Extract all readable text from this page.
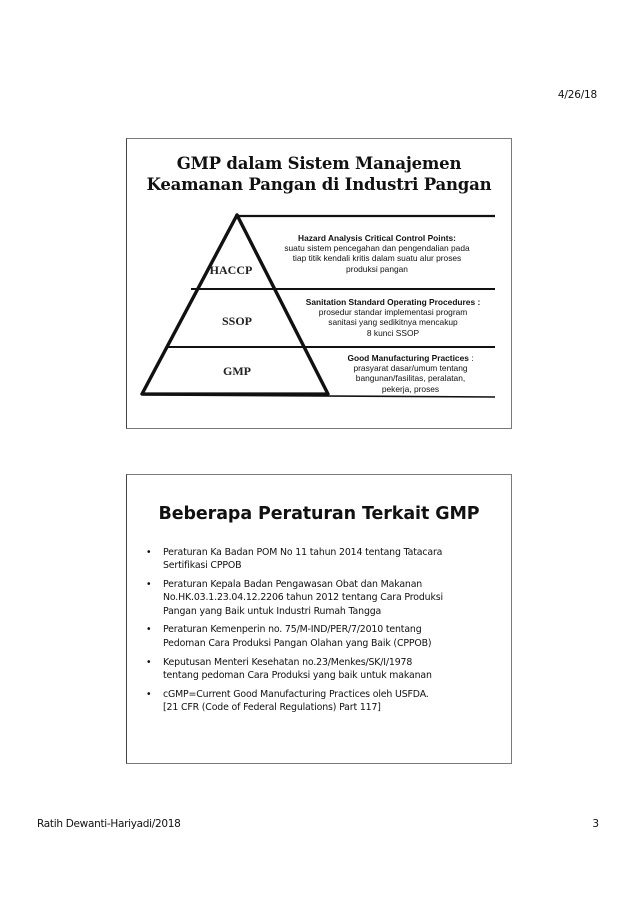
4/26/18
GMP dalam Sistem Manajemen
Keamanan Pangan di Industri Pangan
HACCP
SSOP
GMP
Hazard Analysis Critical Control Points:
suatu sistem pencegahan dan pengendalian pada
tiap titik kendali kritis dalam suatu alur proses
produksi pangan
Sanitation Standard Operating Procedures :
prosedur standar implementasi program
sanitasi yang sedikitnya mencakup
8 kunci SSOP
Good Manufacturing Practices :
prasyarat dasar/umum tentang
bangunan/fasilitas, peralatan,
pekerja, proses
Beberapa Peraturan Terkait GMP
• Peraturan Ka Badan POM No 11 tahun 2014 tentang Tatacara
Sertifikasi CPPOB
• Peraturan Kepala Badan Pengawasan Obat dan Makanan
No.HK.03.1.23.04.12.2206 tahun 2012 tentang Cara Produksi
Pangan yang Baik untuk Industri Rumah Tangga
• Peraturan Kemenperin no. 75/M-IND/PER/7/2010 tentang
Pedoman Cara Produksi Pangan Olahan yang Baik (CPPOB)
• Keputusan Menteri Kesehatan no.23/Menkes/SK/I/1978
tentang pedoman Cara Produksi yang baik untuk makanan
• cGMP=Current Good Manufacturing Practices oleh USFDA.
[21 CFR (Code of Federal Regulations) Part 117]
Ratih Dewanti-Hariyadi/2018	3
